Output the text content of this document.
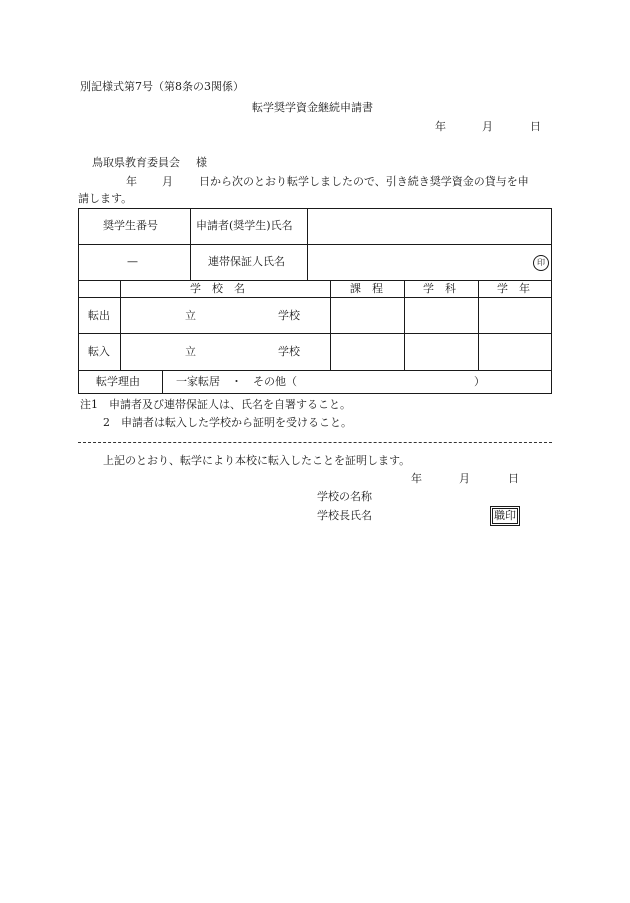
別記様式第7号（第8条の3関係）
転学奨学資金継続申請書
年	月	日
鳥取県教育委員会 様
年 月 日から次のとおり転学しましたので、引き続き奨学資金の貸与を申
請します。
奨学生番号	申請者(奨学生)氏名
—	連帯保証人氏名	印
学　校　名	課　程	学　科	学　年
転出	立	学校
転入	立	学校
転学理由	一家転居　・　その他（	）
注1　申請者及び連帯保証人は、氏名を自署すること。
2　申請者は転入した学校から証明を受けること。
上記のとおり、転学により本校に転入したことを証明します。
年	月	日
学校の名称
学校長氏名	職印
